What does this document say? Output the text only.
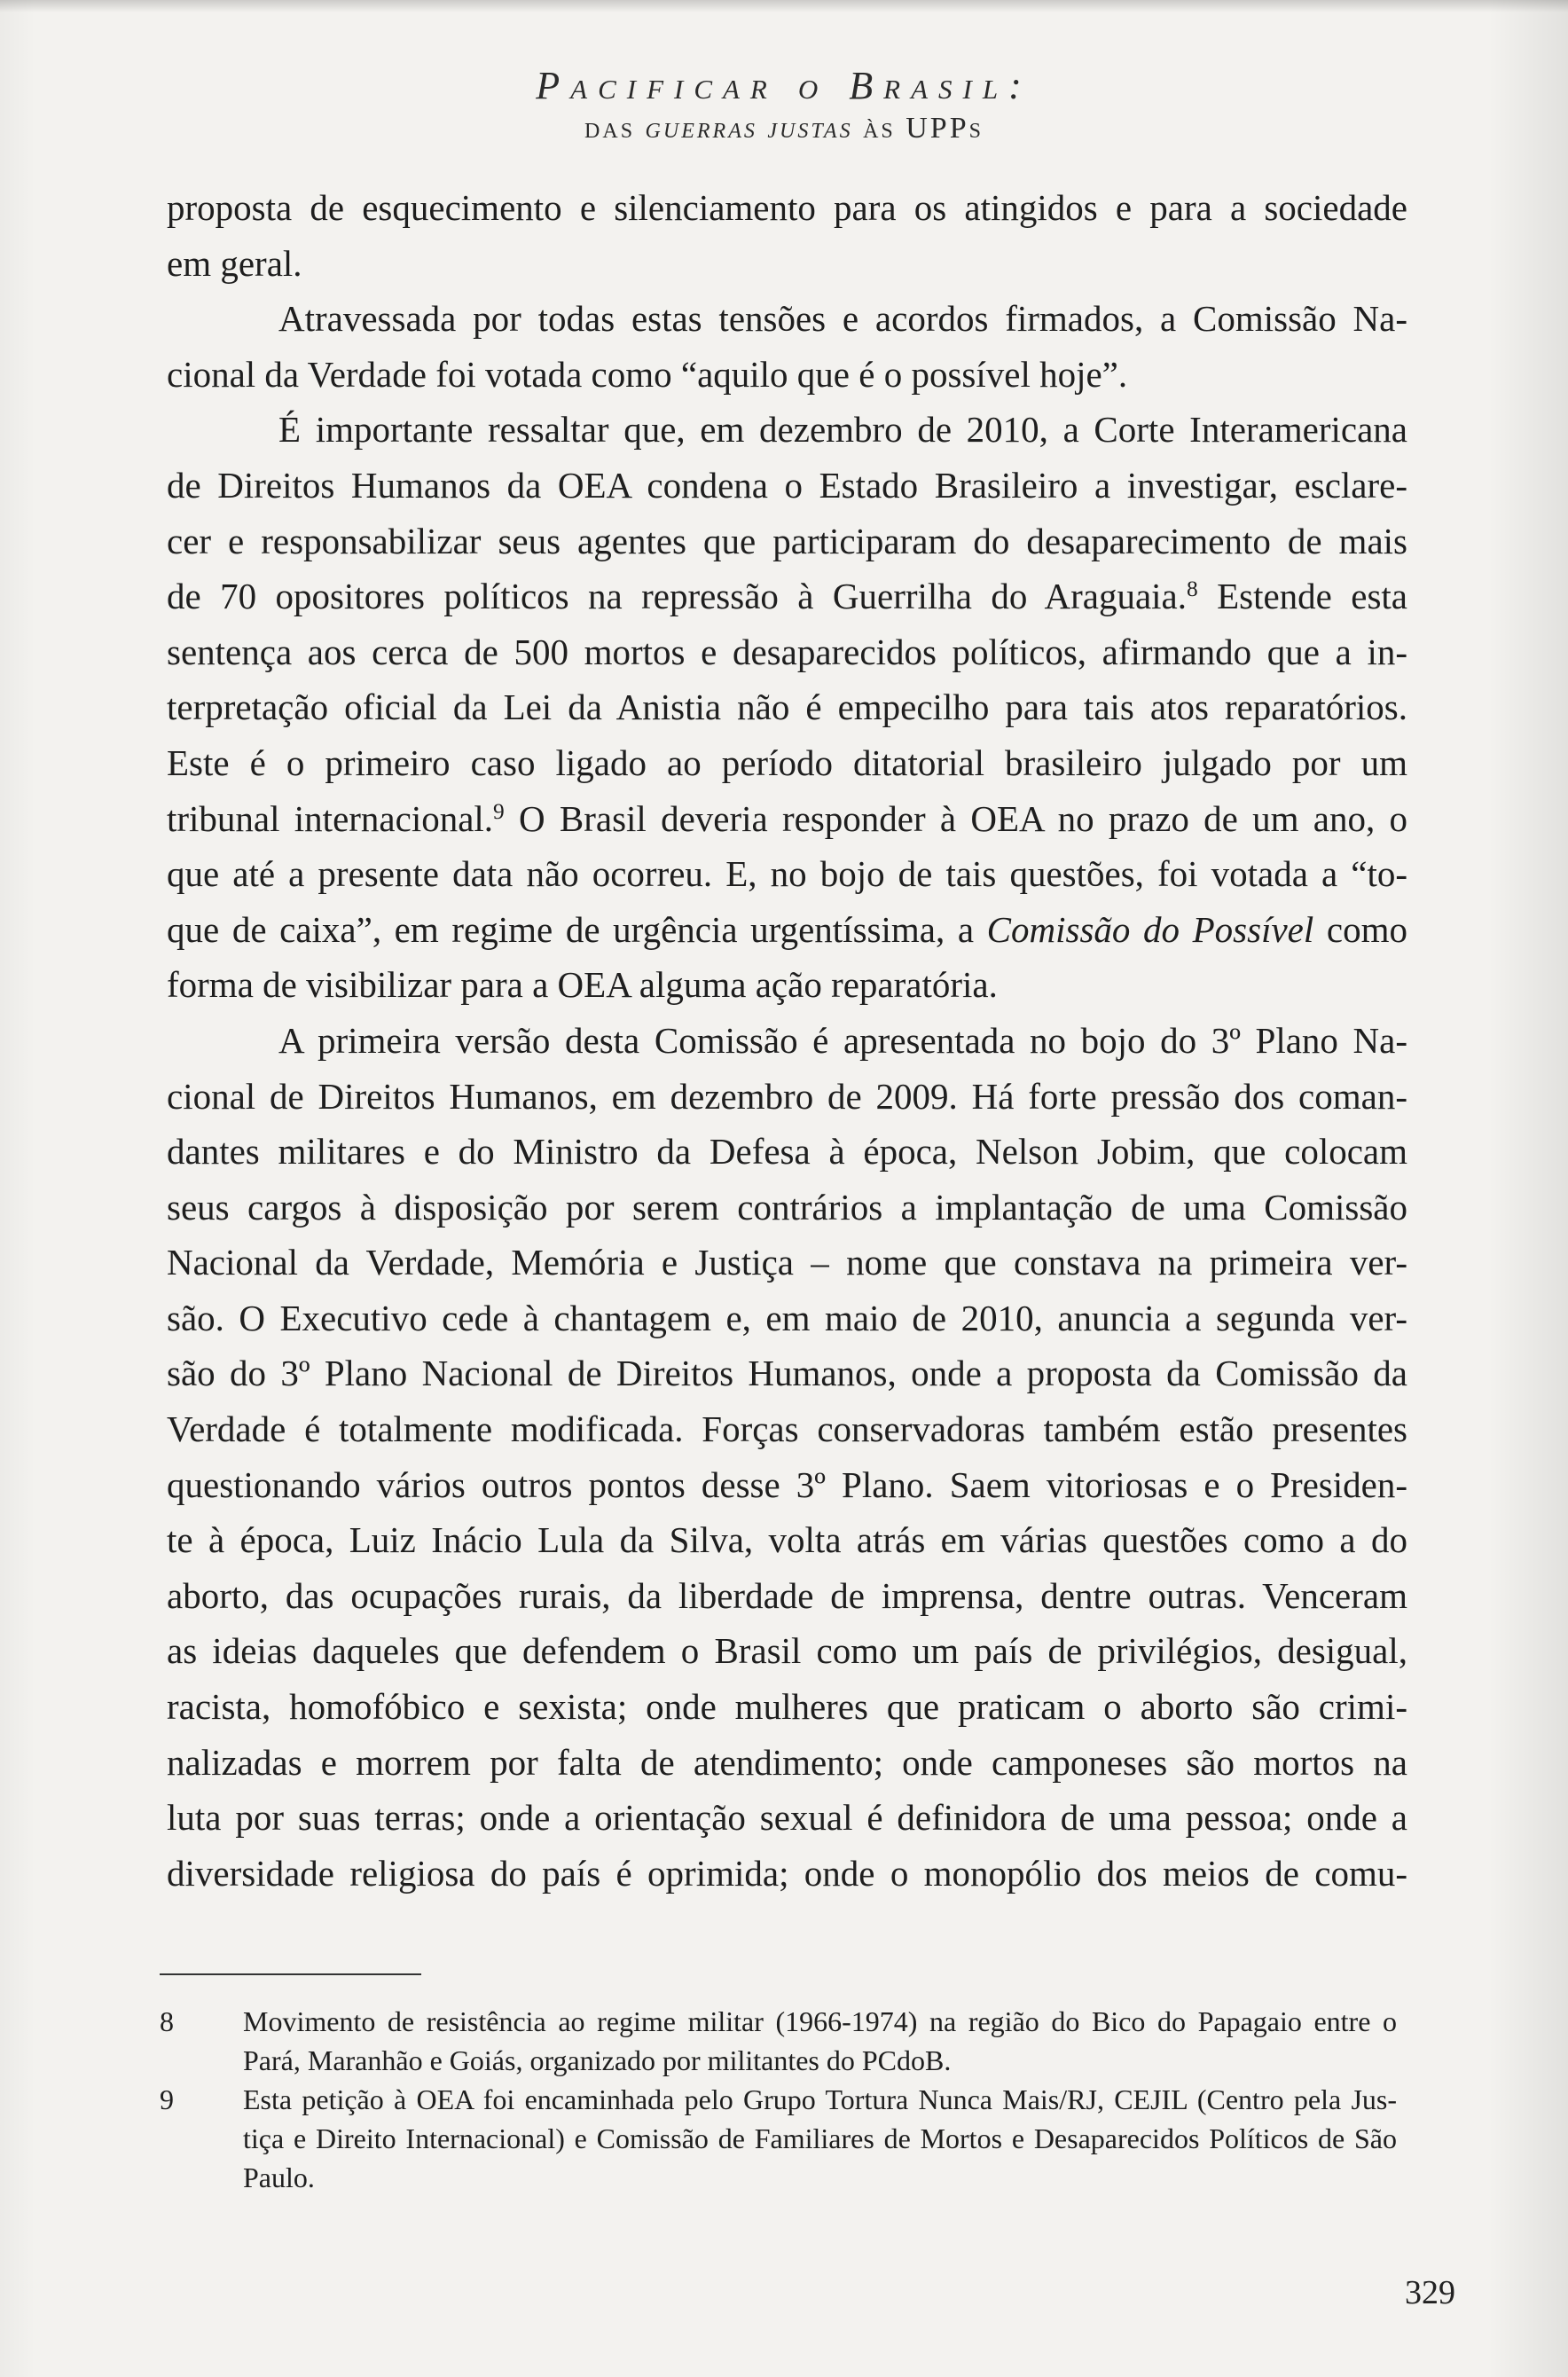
Pacificar o Brasil:
das guerras justas às UPPs
proposta de esquecimento e silenciamento para os atingidos e para a sociedade
em geral.
Atravessada por todas estas tensões e acordos firmados, a Comissão Na-
cional da Verdade foi votada como “aquilo que é o possível hoje”.
É importante ressaltar que, em dezembro de 2010, a Corte Interamericana
de Direitos Humanos da OEA condena o Estado Brasileiro a investigar, esclare-
cer e responsabilizar seus agentes que participaram do desaparecimento de mais
de 70 opositores políticos na repressão à Guerrilha do Araguaia.$^8$ Estende esta
sentença aos cerca de 500 mortos e desaparecidos políticos, afirmando que a in-
terpretação oficial da Lei da Anistia não é empecilho para tais atos reparatórios.
Este é o primeiro caso ligado ao período ditatorial brasileiro julgado por um
tribunal internacional.$^9$ O Brasil deveria responder à OEA no prazo de um ano, o
que até a presente data não ocorreu. E, no bojo de tais questões, foi votada a “to-
que de caixa”, em regime de urgência urgentíssima, a Comissão do Possível como
forma de visibilizar para a OEA alguma ação reparatória.
A primeira versão desta Comissão é apresentada no bojo do 3º Plano Na-
cional de Direitos Humanos, em dezembro de 2009. Há forte pressão dos coman-
dantes militares e do Ministro da Defesa à época, Nelson Jobim, que colocam
seus cargos à disposição por serem contrários a implantação de uma Comissão
Nacional da Verdade, Memória e Justiça – nome que constava na primeira ver-
são. O Executivo cede à chantagem e, em maio de 2010, anuncia a segunda ver-
são do 3º Plano Nacional de Direitos Humanos, onde a proposta da Comissão da
Verdade é totalmente modificada. Forças conservadoras também estão presentes
questionando vários outros pontos desse 3º Plano. Saem vitoriosas e o Presiden-
te à época, Luiz Inácio Lula da Silva, volta atrás em várias questões como a do
aborto, das ocupações rurais, da liberdade de imprensa, dentre outras. Venceram
as ideias daqueles que defendem o Brasil como um país de privilégios, desigual,
racista, homofóbico e sexista; onde mulheres que praticam o aborto são crimi-
nalizadas e morrem por falta de atendimento; onde camponeses são mortos na
luta por suas terras; onde a orientação sexual é definidora de uma pessoa; onde a
diversidade religiosa do país é oprimida; onde o monopólio dos meios de comu-
8	Movimento de resistência ao regime militar (1966-1974) na região do Bico do Papagaio entre o
Pará, Maranhão e Goiás, organizado por militantes do PCdoB.
9	Esta petição à OEA foi encaminhada pelo Grupo Tortura Nunca Mais/RJ, CEJIL (Centro pela Jus-
tiça e Direito Internacional) e Comissão de Familiares de Mortos e Desaparecidos Políticos de São
Paulo.
329
